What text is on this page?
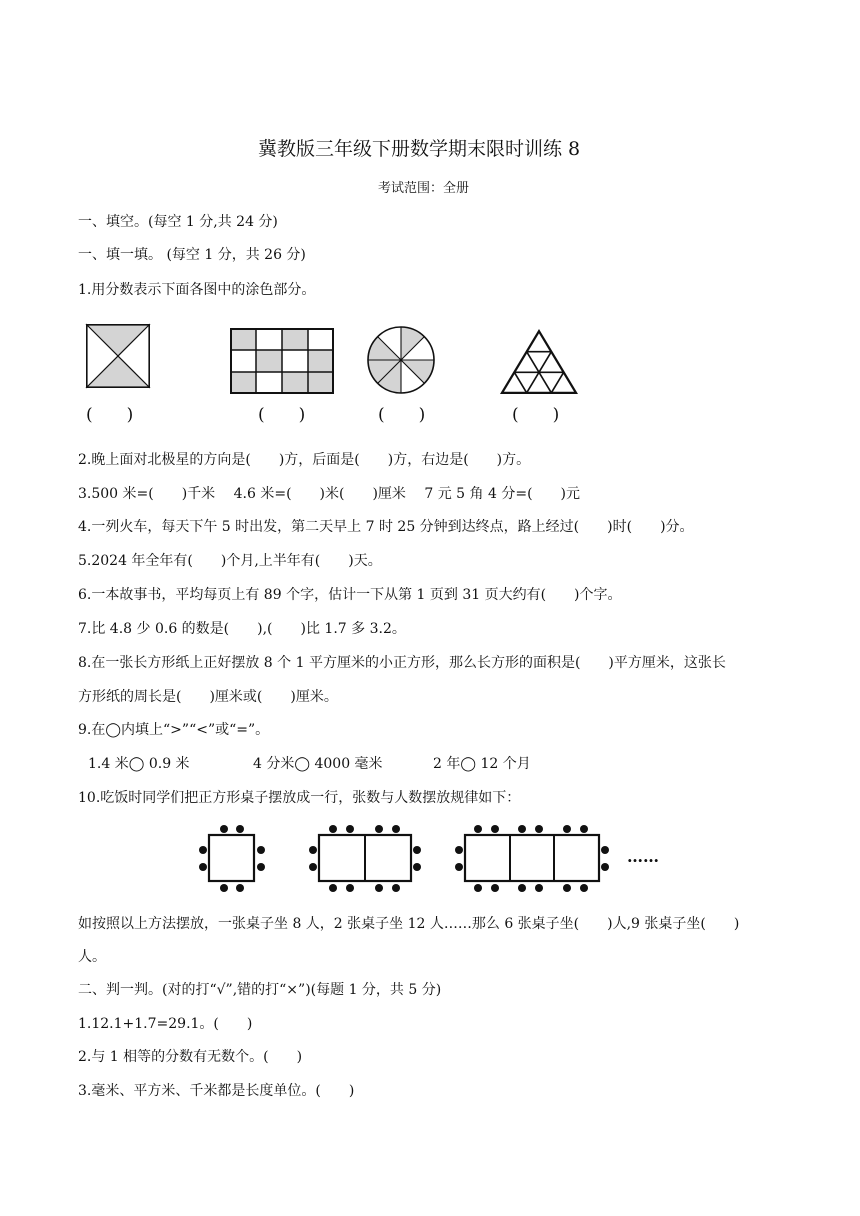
冀教版三年级下册数学期末限时训练 8
考试范围：全册
一、填空。(每空 1 分,共 24 分)
一、填一填。 (每空 1 分，共 26 分)
1.用分数表示下面各图中的涂色部分。
(　　)	(　　)	(　　)	(　　)
2.晚上面对北极星的方向是(　　)方，后面是(　　)方，右边是(　　)方。
3.500 米=(　　)千米　 4.6 米=(　　)米(　　)厘米　 7 元 5 角 4 分=(　　)元
4.一列火车，每天下午 5 时出发，第二天早上 7 时 25 分钟到达终点，路上经过(　　)时(　　)分。
5.2024 年全年有(　　)个月,上半年有(　　)天。
6.一本故事书，平均每页上有 89 个字，估计一下从第 1 页到 31 页大约有(　　)个字。
7.比 4.8 少 0.6 的数是(　　),(　　)比 1.7 多 3.2。
8.在一张长方形纸上正好摆放 8 个 1 平方厘米的小正方形，那么长方形的面积是(　　)平方厘米，这张长
方形纸的周长是(　　)厘米或(　　)厘米。
9.在◯内填上“>”“<”或“=”。
1.4 米◯ 0.9 米	4 分米◯ 4000 毫米	2 年◯ 12 个月
10.吃饭时同学们把正方形桌子摆放成一行，张数与人数摆放规律如下：
……
如按照以上方法摆放，一张桌子坐 8 人，2 张桌子坐 12 人……那么 6 张桌子坐(　　)人,9 张桌子坐(　　)
人。
二、判一判。(对的打“√”,错的打“×”)(每题 1 分，共 5 分)
1.12.1+1.7=29.1。(　　)
2.与 1 相等的分数有无数个。(　　)
3.毫米、平方米、千米都是长度单位。(　　)
